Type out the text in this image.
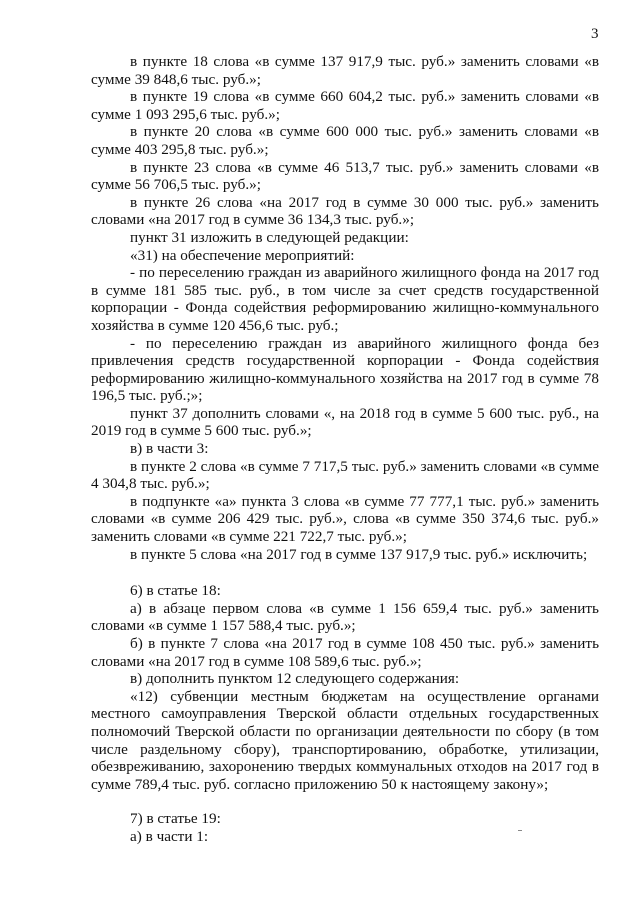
3

в пункте 18 слова «в сумме 137 917,9 тыс. руб.» заменить словами «в сумме 39 848,6 тыс. руб.»;

в пункте 19 слова «в сумме 660 604,2 тыс. руб.» заменить словами «в сумме 1 093 295,6 тыс. руб.»;

в пункте 20 слова «в сумме 600 000 тыс. руб.» заменить словами «в сумме 403 295,8 тыс. руб.»;

в пункте 23 слова «в сумме 46 513,7 тыс. руб.» заменить словами «в сумме 56 706,5 тыс. руб.»;

в пункте 26 слова «на 2017 год в сумме 30 000 тыс. руб.» заменить словами «на 2017 год в сумме 36 134,3 тыс. руб.»;

пункт 31 изложить в следующей редакции:

«31) на обеспечение мероприятий:

- по переселению граждан из аварийного жилищного фонда на 2017 год в сумме 181 585 тыс. руб., в том числе за счет средств государственной корпорации - Фонда содействия реформированию жилищно-коммунального хозяйства в сумме 120 456,6 тыс. руб.;

- по переселению граждан из аварийного жилищного фонда без привлечения средств государственной корпорации - Фонда содействия реформированию жилищно-коммунального хозяйства на 2017 год в сумме 78 196,5 тыс. руб.;»;

пункт 37 дополнить словами «, на 2018 год в сумме 5 600 тыс. руб., на 2019 год в сумме 5 600 тыс. руб.»;

в) в части 3:

в пункте 2 слова «в сумме 7 717,5 тыс. руб.» заменить словами «в сумме 4 304,8 тыс. руб.»;

в подпункте «а» пункта 3 слова «в сумме 77 777,1 тыс. руб.» заменить словами «в сумме 206 429 тыс. руб.», слова «в сумме 350 374,6 тыс. руб.» заменить словами «в сумме 221 722,7 тыс. руб.»;

в пункте 5 слова «на 2017 год в сумме 137 917,9 тыс. руб.» исключить;

6) в статье 18:

а) в абзаце первом слова «в сумме 1 156 659,4 тыс. руб.» заменить словами «в сумме 1 157 588,4 тыс. руб.»;

б) в пункте 7 слова «на 2017 год в сумме 108 450 тыс. руб.» заменить словами «на 2017 год в сумме 108 589,6 тыс. руб.»;

в) дополнить пунктом 12 следующего содержания:

«12) субвенции местным бюджетам на осуществление органами местного самоуправления Тверской области отдельных государственных полномочий Тверской области по организации деятельности по сбору (в том числе раздельному сбору), транспортированию, обработке, утилизации, обезвреживанию, захоронению твердых коммунальных отходов на 2017 год в сумме 789,4 тыс. руб. согласно приложению 50 к настоящему закону»;

7) в статье 19:

а) в части 1:
